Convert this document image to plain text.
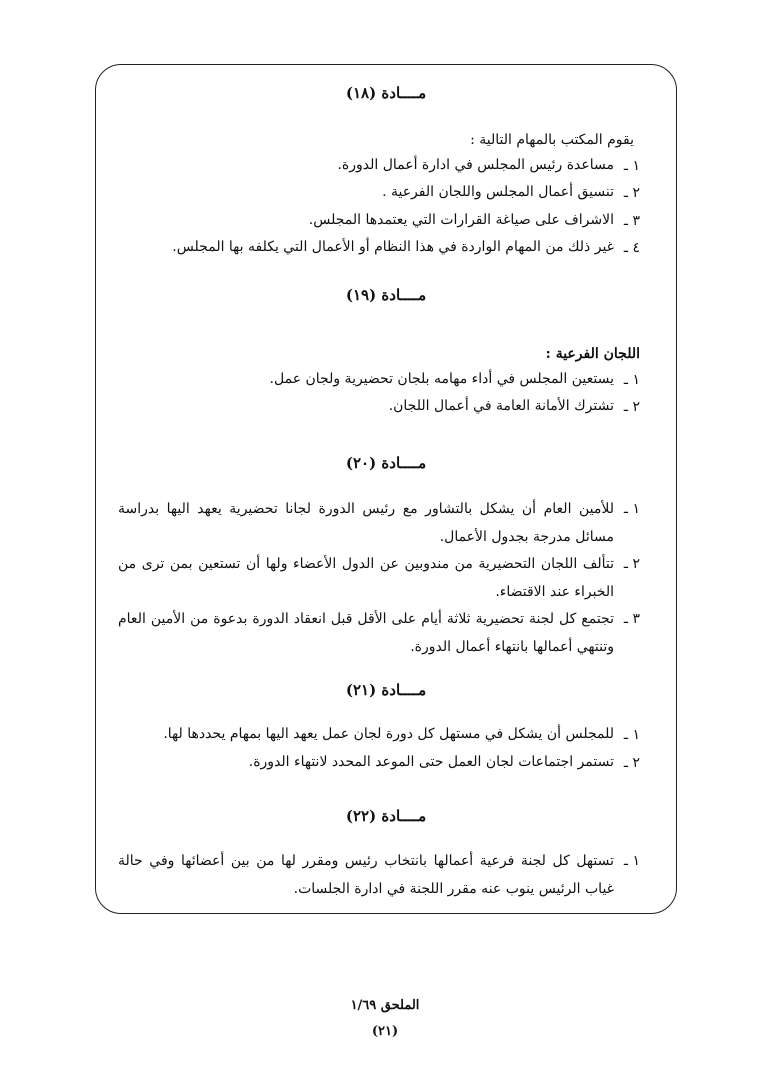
مــــادة (١٨)
يقوم المكتب بالمهام التالية :
١ ـ
مساعدة رئيس المجلس في ادارة أعمال الدورة.
٢ ـ
تنسيق أعمال المجلس واللجان الفرعية .
٣ ـ
الاشراف على صياغة القرارات التي يعتمدها المجلس.
٤ ـ
غير ذلك من المهام الواردة في هذا النظام أو الأعمال التي يكلفه بها المجلس.
مــــادة (١٩)
اللجان الفرعية :
١ ـ
يستعين المجلس في أداء مهامه بلجان تحضيرية ولجان عمل.
٢ ـ
تشترك الأمانة العامة في أعمال اللجان.
مــــادة (٢٠)
١ ـ
للأمين العام أن يشكل بالتشاور مع رئيس الدورة لجانا تحضيرية يعهد اليها بدراسة مسائل مدرجة بجدول الأعمال.
٢ ـ
تتألف اللجان التحضيرية من مندوبين عن الدول الأعضاء ولها أن تستعين بمن ترى من الخبراء عند الاقتضاء.
٣ ـ
تجتمع كل لجنة تحضيرية ثلاثة أيام على الأقل قبل انعقاد الدورة بدعوة من الأمين العام وتنتهي أعمالها بانتهاء أعمال الدورة.
مــــادة (٢١)
١ ـ
للمجلس أن يشكل في مستهل كل دورة لجان عمل يعهد اليها بمهام يحددها لها.
٢ ـ
تستمر اجتماعات لجان العمل حتى الموعد المحدد لانتهاء الدورة.
مــــادة (٢٢)
١ ـ
تستهل كل لجنة فرعية أعمالها بانتخاب رئيس ومقرر لها من بين أعضائها وفي حالة غياب الرئيس ينوب عنه مقرر اللجنة في ادارة الجلسات.
الملحق ١/٦٩
(٢١)
